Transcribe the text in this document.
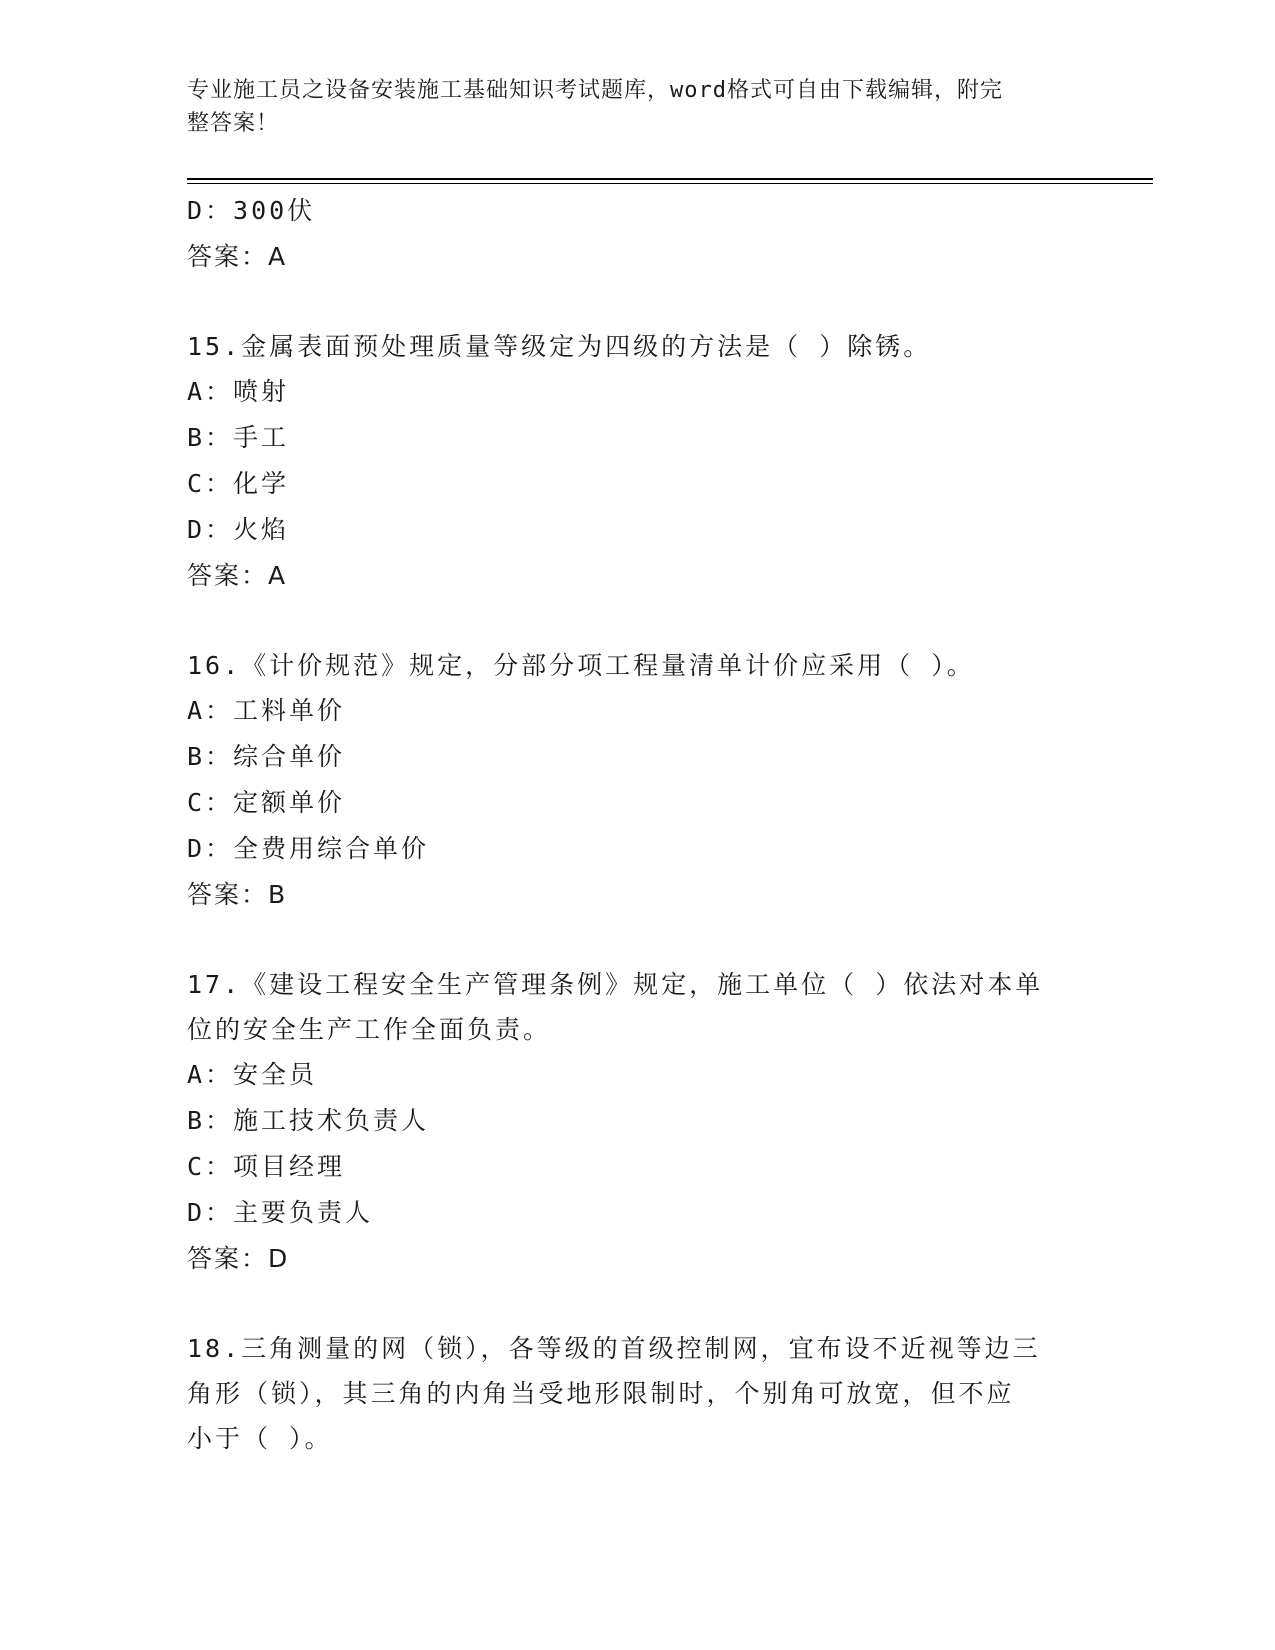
专业施工员之设备安装施工基础知识考试题库，word格式可自由下载编辑，附完
整答案！
D：300伏
答案：A
15.金属表面预处理质量等级定为四级的方法是（ ）除锈。
A：喷射
B：手工
C：化学
D：火焰
答案：A
16.《计价规范》规定，分部分项工程量清单计价应采用（ ）。
A：工料单价
B：综合单价
C：定额单价
D：全费用综合单价
答案：B
17.《建设工程安全生产管理条例》规定，施工单位（ ）依法对本单
位的安全生产工作全面负责。
A：安全员
B：施工技术负责人
C：项目经理
D：主要负责人
答案：D
18.三角测量的网（锁），各等级的首级控制网，宜布设不近视等边三
角形（锁），其三角的内角当受地形限制时，个别角可放宽，但不应
小于（ ）。
